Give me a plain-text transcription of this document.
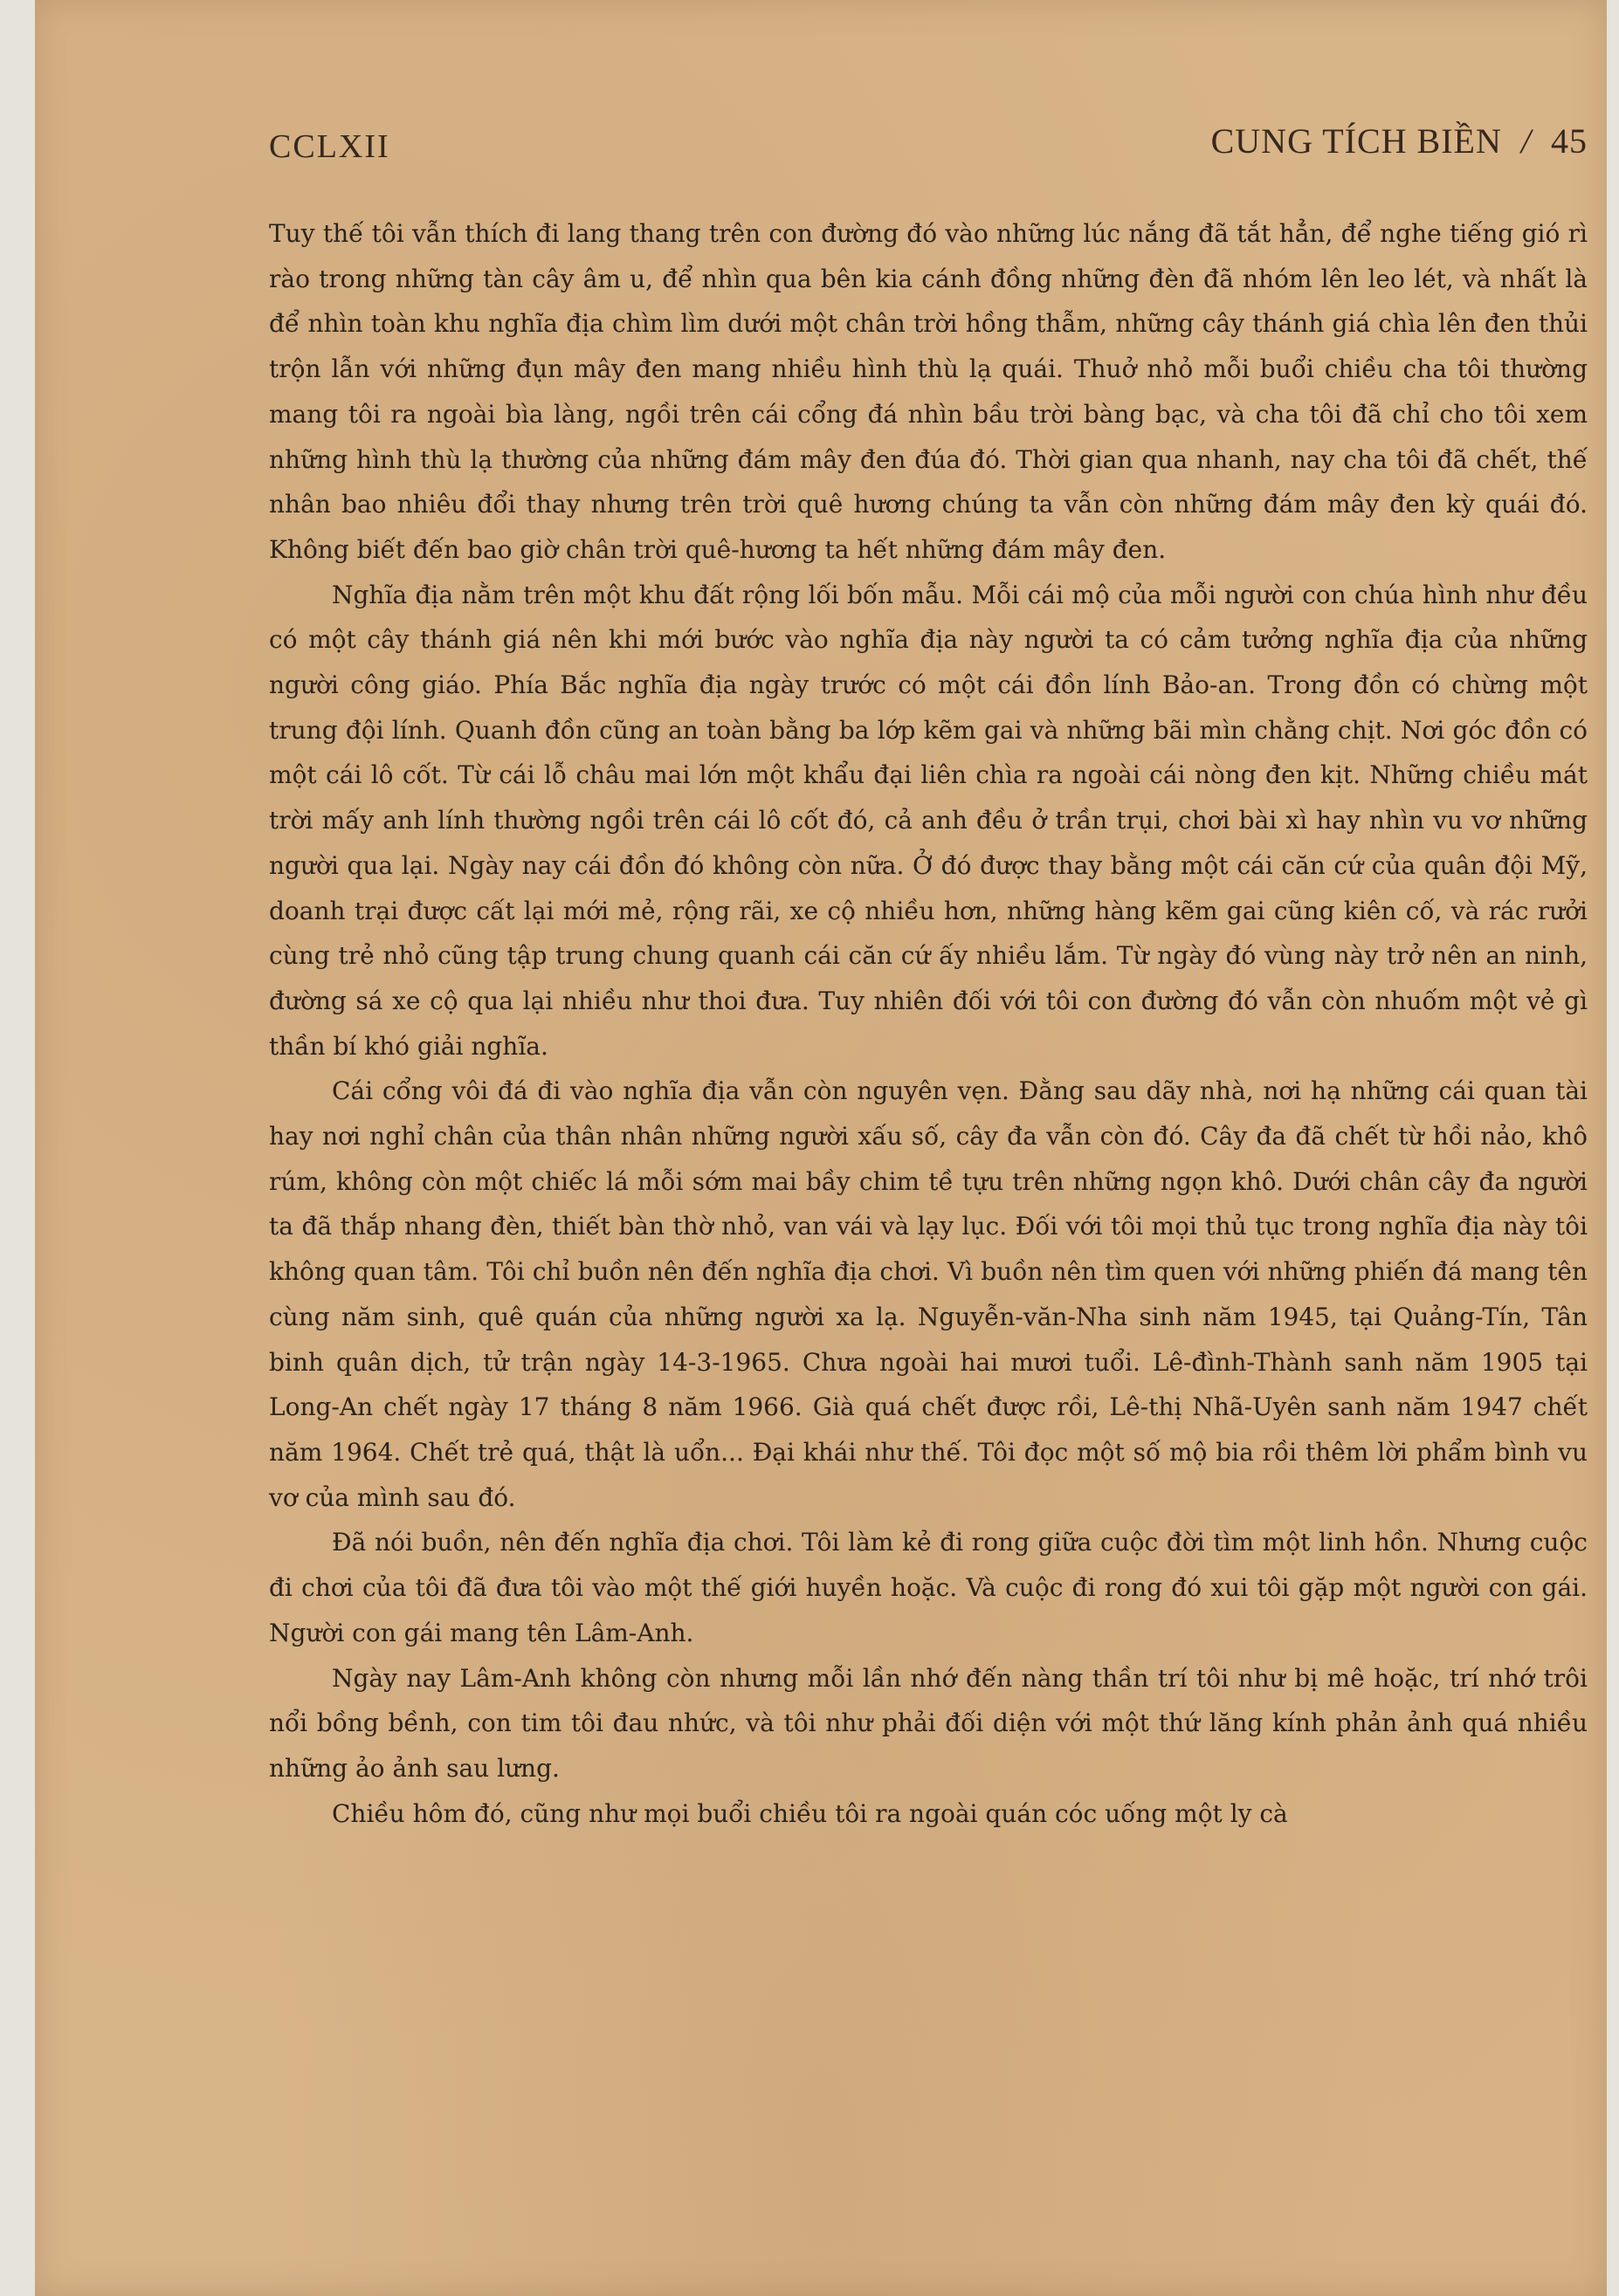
CCLXII	CUNG TÍCH BIỀN / 45

Tuy thế tôi vẫn thích đi lang thang trên con đường đó vào những lúc nắng đã tắt hẳn, để nghe tiếng gió rì rào trong những tàn cây âm u, để nhìn qua bên kia cánh đồng những đèn đã nhóm lên leo lét, và nhất là để nhìn toàn khu nghĩa địa chìm lìm dưới một chân trời hồng thẫm, những cây thánh giá chìa lên đen thủi trộn lẫn với những đụn mây đen mang nhiều hình thù lạ quái. Thuở nhỏ mỗi buổi chiều cha tôi thường mang tôi ra ngoài bìa làng, ngồi trên cái cổng đá nhìn bầu trời bàng bạc, và cha tôi đã chỉ cho tôi xem những hình thù lạ thường của những đám mây đen đúa đó. Thời gian qua nhanh, nay cha tôi đã chết, thế nhân bao nhiêu đổi thay nhưng trên trời quê hương chúng ta vẫn còn những đám mây đen kỳ quái đó. Không biết đến bao giờ chân trời quê-hương ta hết những đám mây đen.

Nghĩa địa nằm trên một khu đất rộng lối bốn mẫu. Mỗi cái mộ của mỗi người con chúa hình như đều có một cây thánh giá nên khi mới bước vào nghĩa địa này người ta có cảm tưởng nghĩa địa của những người công giáo. Phía Bắc nghĩa địa ngày trước có một cái đồn lính Bảo-an. Trong đồn có chừng một trung đội lính. Quanh đồn cũng an toàn bằng ba lớp kẽm gai và những bãi mìn chằng chịt. Nơi góc đồn có một cái lô cốt. Từ cái lỗ châu mai lớn một khẩu đại liên chìa ra ngoài cái nòng đen kịt. Những chiều mát trời mấy anh lính thường ngồi trên cái lô cốt đó, cả anh đều ở trần trụi, chơi bài xì hay nhìn vu vơ những người qua lại. Ngày nay cái đồn đó không còn nữa. Ở đó được thay bằng một cái căn cứ của quân đội Mỹ, doanh trại được cất lại mới mẻ, rộng rãi, xe cộ nhiều hơn, những hàng kẽm gai cũng kiên cố, và rác rưởi cùng trẻ nhỏ cũng tập trung chung quanh cái căn cứ ấy nhiều lắm. Từ ngày đó vùng này trở nên an ninh, đường sá xe cộ qua lại nhiều như thoi đưa. Tuy nhiên đối với tôi con đường đó vẫn còn nhuốm một vẻ gì thần bí khó giải nghĩa.

Cái cổng vôi đá đi vào nghĩa địa vẫn còn nguyên vẹn. Đằng sau dãy nhà, nơi hạ những cái quan tài hay nơi nghỉ chân của thân nhân những người xấu số, cây đa vẫn còn đó. Cây đa đã chết từ hồi nảo, khô rúm, không còn một chiếc lá mỗi sớm mai bầy chim tề tựu trên những ngọn khô. Dưới chân cây đa người ta đã thắp nhang đèn, thiết bàn thờ nhỏ, van vái và lạy lục. Đối với tôi mọi thủ tục trong nghĩa địa này tôi không quan tâm. Tôi chỉ buồn nên đến nghĩa địa chơi. Vì buồn nên tìm quen với những phiến đá mang tên cùng năm sinh, quê quán của những người xa lạ. Nguyễn-văn-Nha sinh năm 1945, tại Quảng-Tín, Tân binh quân dịch, tử trận ngày 14-3-1965. Chưa ngoài hai mươi tuổi. Lê-đình-Thành sanh năm 1905 tại Long-An chết ngày 17 tháng 8 năm 1966. Già quá chết được rồi, Lê-thị Nhã-Uyên sanh năm 1947 chết năm 1964. Chết trẻ quá, thật là uổn... Đại khái như thế. Tôi đọc một số mộ bia rồi thêm lời phẩm bình vu vơ của mình sau đó.

Đã nói buồn, nên đến nghĩa địa chơi. Tôi làm kẻ đi rong giữa cuộc đời tìm một linh hồn. Nhưng cuộc đi chơi của tôi đã đưa tôi vào một thế giới huyền hoặc. Và cuộc đi rong đó xui tôi gặp một người con gái. Người con gái mang tên Lâm-Anh.

Ngày nay Lâm-Anh không còn nhưng mỗi lần nhớ đến nàng thần trí tôi như bị mê hoặc, trí nhớ trôi nổi bồng bềnh, con tim tôi đau nhức, và tôi như phải đối diện với một thứ lăng kính phản ảnh quá nhiều những ảo ảnh sau lưng.

Chiều hôm đó, cũng như mọi buổi chiều tôi ra ngoài quán cóc uống một ly cà
